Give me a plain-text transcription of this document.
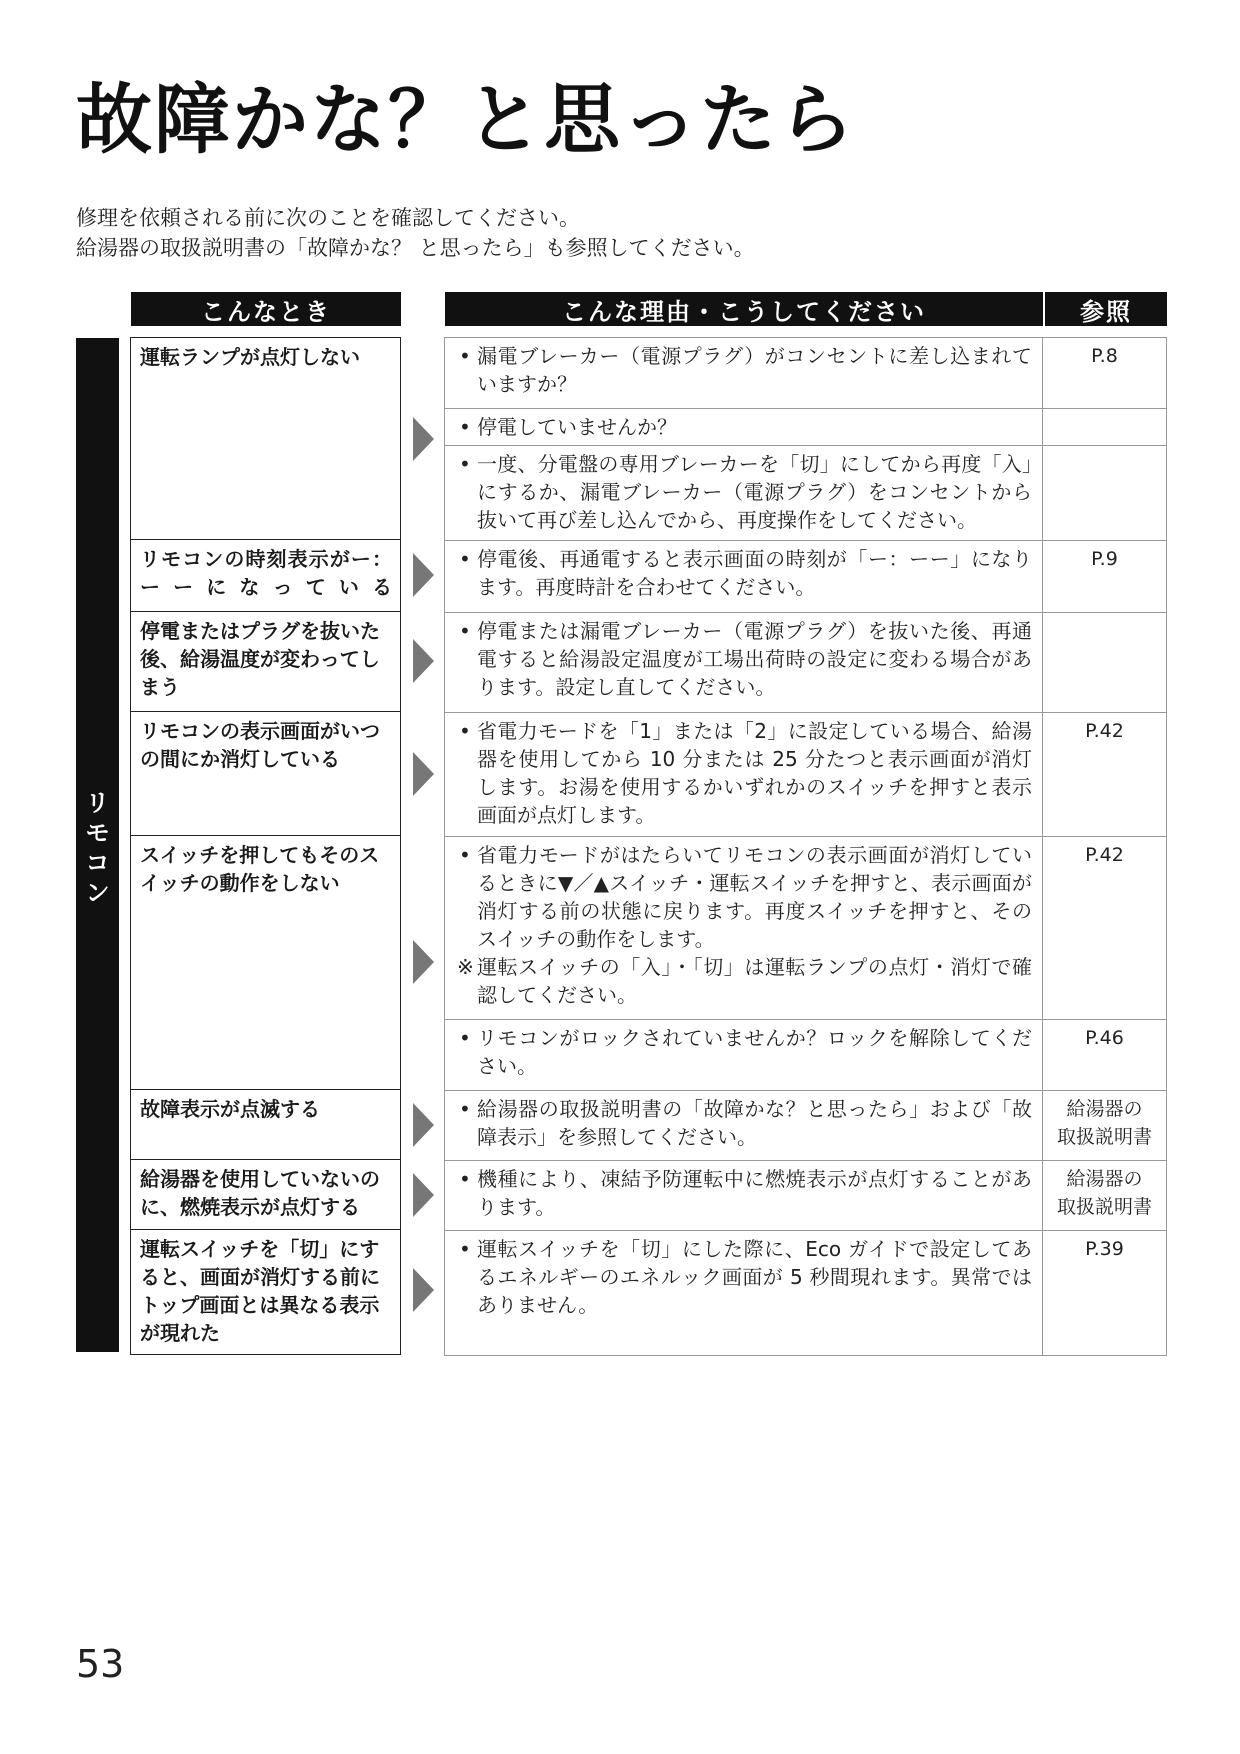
故障かな？と思ったら
修理を依頼される前に次のことを確認してください。
給湯器の取扱説明書の「故障かな？ と思ったら」も参照してください。
こんなとき	こんな理由・こうしてください	参照
リ
モ
コ
ン
運転ランプが点灯しない
リモコンの時刻表示がー：ーーになっている
停電またはプラグを抜いた後、給湯温度が変わってしまう
リモコンの表示画面がいつの間にか消灯している
スイッチを押してもそのスイッチの動作をしない
故障表示が点滅する
給湯器を使用していないのに、燃焼表示が点灯する
運転スイッチを「切」にすると、画面が消灯する前にトップ画面とは異なる表示が現れた
• 漏電ブレーカー（電源プラグ）がコンセントに差し込まれていますか？
P.8
• 停電していませんか？
• 一度、分電盤の専用ブレーカーを「切」にしてから再度「入」にするか、漏電ブレーカー（電源プラグ）をコンセントから抜いて再び差し込んでから、再度操作をしてください。
• 停電後、再通電すると表示画面の時刻が「ー：ーー」になります。再度時計を合わせてください。
P.9
• 停電または漏電ブレーカー（電源プラグ）を抜いた後、再通電すると給湯設定温度が工場出荷時の設定に変わる場合があります。設定し直してください。
• 省電力モードを「1」または「2」に設定している場合、給湯器を使用してから 10 分または 25 分たつと表示画面が消灯します。お湯を使用するかいずれかのスイッチを押すと表示画面が点灯します。
P.42
• 省電力モードがはたらいてリモコンの表示画面が消灯しているときに▼／▲スイッチ・運転スイッチを押すと、表示画面が消灯する前の状態に戻ります。再度スイッチを押すと、そのスイッチの動作をします。
※ 運転スイッチの「入」・「切」は運転ランプの点灯・消灯で確認してください。
P.42
• リモコンがロックされていませんか？ロックを解除してください。
P.46
• 給湯器の取扱説明書の「故障かな？と思ったら」および「故障表示」を参照してください。
給湯器の
取扱説明書
• 機種により、凍結予防運転中に燃焼表示が点灯することがあります。
給湯器の
取扱説明書
• 運転スイッチを「切」にした際に、Eco ガイドで設定してあるエネルギーのエネルック画面が 5 秒間現れます。異常ではありません。
P.39
53
